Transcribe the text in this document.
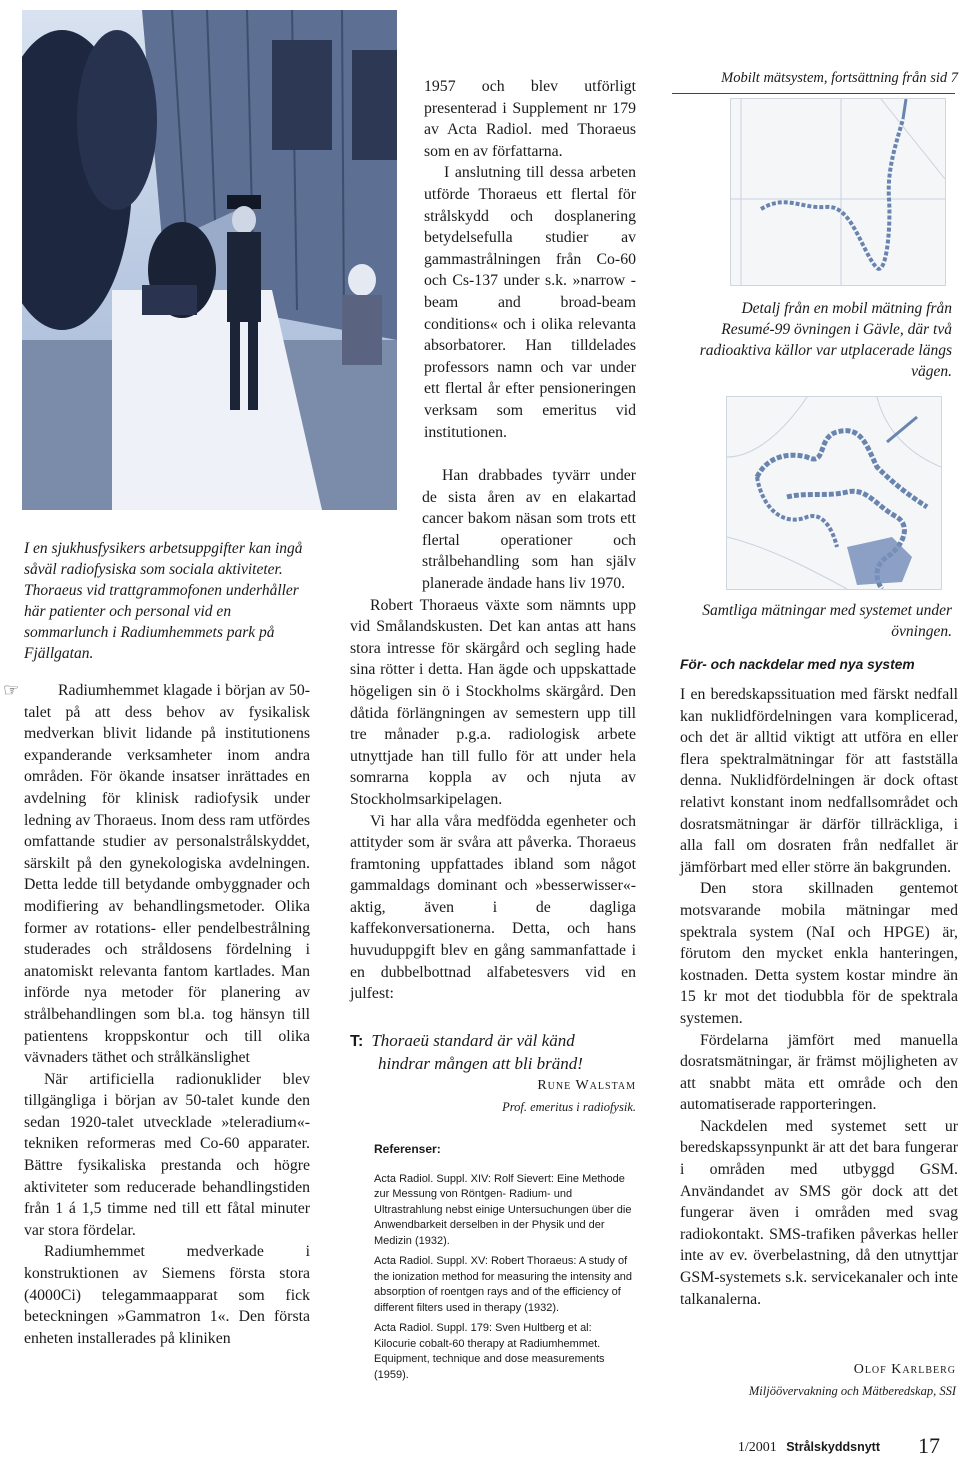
I en sjukhusfysikers arbetsuppgifter kan ingå såväl radiofysiska som sociala aktiviteter. Thoraeus vid trattgrammofonen underhåller här patienter och personal vid en sommarlunch i Radiumhemmets park på Fjällgatan.
☞	Radiumhemmet klagade i början av 50-talet på att dess behov av fysikalisk medverkan blivit lidande på institutionens expanderande verksamheter inom andra områden. För ökande insatser inrättades en avdelning för klinisk radiofysik under ledning av Thoraeus. Inom dess ram utfördes omfattande studier av personalstrålskyddet, särskilt på den gynekologiska avdelningen. Detta ledde till betydande ombyggnader och modifiering av behandlingsmetoder. Olika former av rotations- eller pendelbestrålning studerades och stråldosens fördelning i anatomiskt relevanta fantom kartlades. Man införde nya metoder för planering av strålbehandlingen som bl.a. tog hänsyn till patientens kroppskontur och till olika vävnaders täthet och strålkänslighet

När artificiella radionuklider blev tillgängliga i början av 50-talet kunde den sedan 1920-talet utvecklade »teleradium«-tekniken reformeras med Co-60 apparater. Bättre fysikaliska prestanda och högre aktiviteter som reducerade behandlingstiden från 1 á 1,5 timme ned till ett fåtal minuter var stora fördelar.

Radiumhemmet medverkade i konstruktionen av Siemens första stora (4000Ci) telegammaapparat som fick beteckningen »Gammatron 1«. Den första enheten installerades på kliniken

1957 och blev utförligt presenterad i Supplement nr 179 av Acta Radiol. med Thoraeus som en av författarna.

I anslutning till dessa arbeten utförde Thoraeus ett flertal för strålskydd och dosplanering betydelsefulla studier av gammastrålningen från Co-60 och Cs-137 under s.k. »narrow -beam and broad-beam conditions« och i olika relevanta absorbatorer. Han tilldelades professors namn och var under ett flertal år efter pensioneringen verksam som emeritus vid institutionen.

Han drabbades tyvärr under de sista åren av en elakartad cancer bakom näsan som trots ett flertal operationer och strålbehandling som han själv planerade ändade hans liv 1970.

Robert Thoraeus växte som nämnts upp vid Smålandskusten. Det kan antas att hans stora intresse för skärgård och segling hade sina rötter i detta. Han ägde och uppskattade högeligen sin ö i Stockholms skärgård. Den dåtida förlängningen av semestern upp till tre månader p.g.a. radiologisk arbete utnyttjade han till fullo för att under hela somrarna koppla av och njuta av Stockholmsarkipelagen.

Vi har alla våra medfödda egenheter och attityder som är svåra att påverka. Thoraeus framtoning uppfattades ibland som något gammaldags dominant och »besserwisser«-aktig, även i de dagliga kaffekonversationerna. Detta, och hans huvuduppgift blev en gång sammanfattade i en dubbelbottnad alfabetesvers vid en julfest:

T: Thoraeü standard är väl känd
hindrar mången att bli bränd!
Rune Walstam
Prof. emeritus i radiofysik.

Referenser:

Acta Radiol. Suppl. XIV: Rolf Sievert: Eine Methode zur Messung von Röntgen- Radium- und Ultrastrahlung nebst einige Untersuchungen über die Anwendbarkeit derselben in der Physik und der Medizin (1932).

Acta Radiol. Suppl. XV: Robert Thoraeus: A study of the ionization method for measuring the intensity and absorption of roentgen rays and of the efficiency of different filters used in therapy (1932).

Acta Radiol. Suppl. 179: Sven Hultberg et al: Kilocurie cobalt-60 therapy at Radiumhemmet. Equipment, technique and dose measurements (1959).

Mobilt mätsystem, fortsättning från sid 7
Detalj från en mobil mätning från Resumé-99 övningen i Gävle, där två radioaktiva källor var utplacerade längs vägen.
Samtliga mätningar med systemet under övningen.
För- och nackdelar med nya system

I en beredskapssituation med färskt nedfall kan nuklidfördelningen vara komplicerad, och det är alltid viktigt att utföra en eller flera spektralmätningar för att fastställa denna. Nuklidfördelningen är dock oftast relativt konstant inom nedfallsområdet och dosratsmätningar är därför tillräckliga, i alla fall om dosraten från nedfallet är jämförbart med eller större än bakgrunden.

Den stora skillnaden gentemot motsvarande mobila mätningar med spektrala system (NaI och HPGE) är, förutom den mycket enkla hanteringen, kostnaden. Detta system kostar mindre än 15 kr mot det tiodubbla för de spektrala systemen.

Fördelarna jämfört med manuella dosratsmätningar, är främst möjligheten av att snabbt mäta ett område och den automatiserade rapporteringen.

Nackdelen med systemet sett ur beredskapssynpunkt är att det bara fungerar i områden med utbyggd GSM. Användandet av SMS gör dock att det fungerar även i områden med svag radiokontakt. SMS-trafiken påverkas heller inte av ev. överbelastning, då den utnyttjar GSM-systemets s.k. servicekanaler och inte talkanalerna.

Olof Karlberg
Miljöövervakning och Mätberedskap, SSI
1/2001 Strålskyddsnytt	17
